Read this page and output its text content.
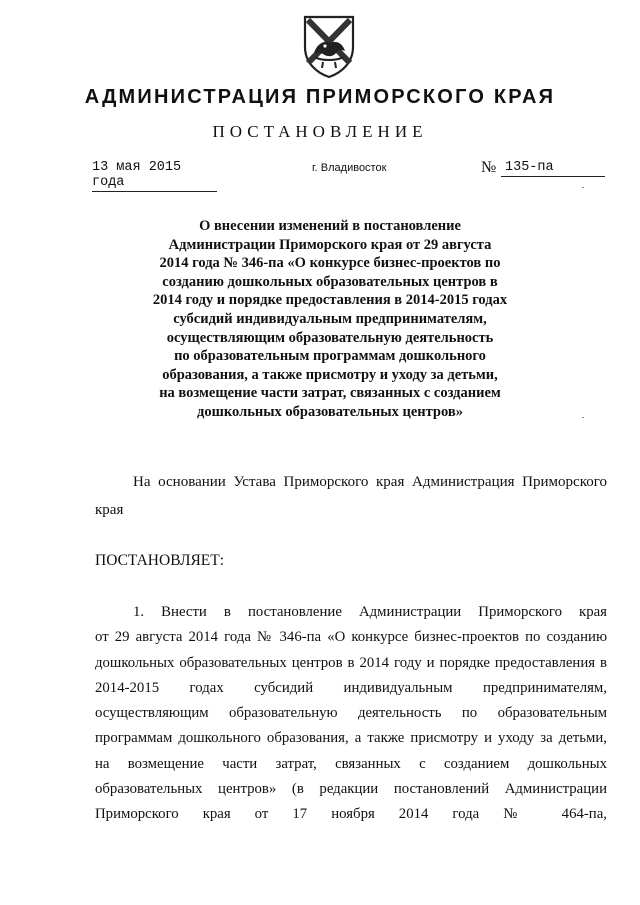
АДМИНИСТРАЦИЯ ПРИМОРСКОГО КРАЯ
ПОСТАНОВЛЕНИЕ
13 мая 2015 года
г. Владивосток	№ 135-па
О внесении изменений в постановление
Администрации Приморского края от 29 августа
2014 года № 346-па «О конкурсе бизнес-проектов по
созданию дошкольных образовательных центров в
2014 году и порядке предоставления в 2014-2015 годах
субсидий индивидуальным предпринимателям,
осуществляющим образовательную деятельность
по образовательным программам дошкольного
образования, а также присмотру и уходу за детьми,
на возмещение части затрат, связанных с созданием
дошкольных образовательных центров»
На основании Устава Приморского края Администрация Приморского
края
ПОСТАНОВЛЯЕТ:
1. Внести в постановление Администрации Приморского края
от 29 августа 2014 года № 346-па «О конкурсе бизнес-проектов по созданию
дошкольных образовательных центров в 2014 году и порядке предоставления в
2014-2015 годах субсидий индивидуальным предпринимателям,
осуществляющим образовательную деятельность по образовательным
программам дошкольного образования, а также присмотру и уходу за детьми,
на возмещение части затрат, связанных с созданием дошкольных
образовательных центров» (в редакции постановлений Администрации
Приморского края от 17 ноября 2014 года № 464-па,
